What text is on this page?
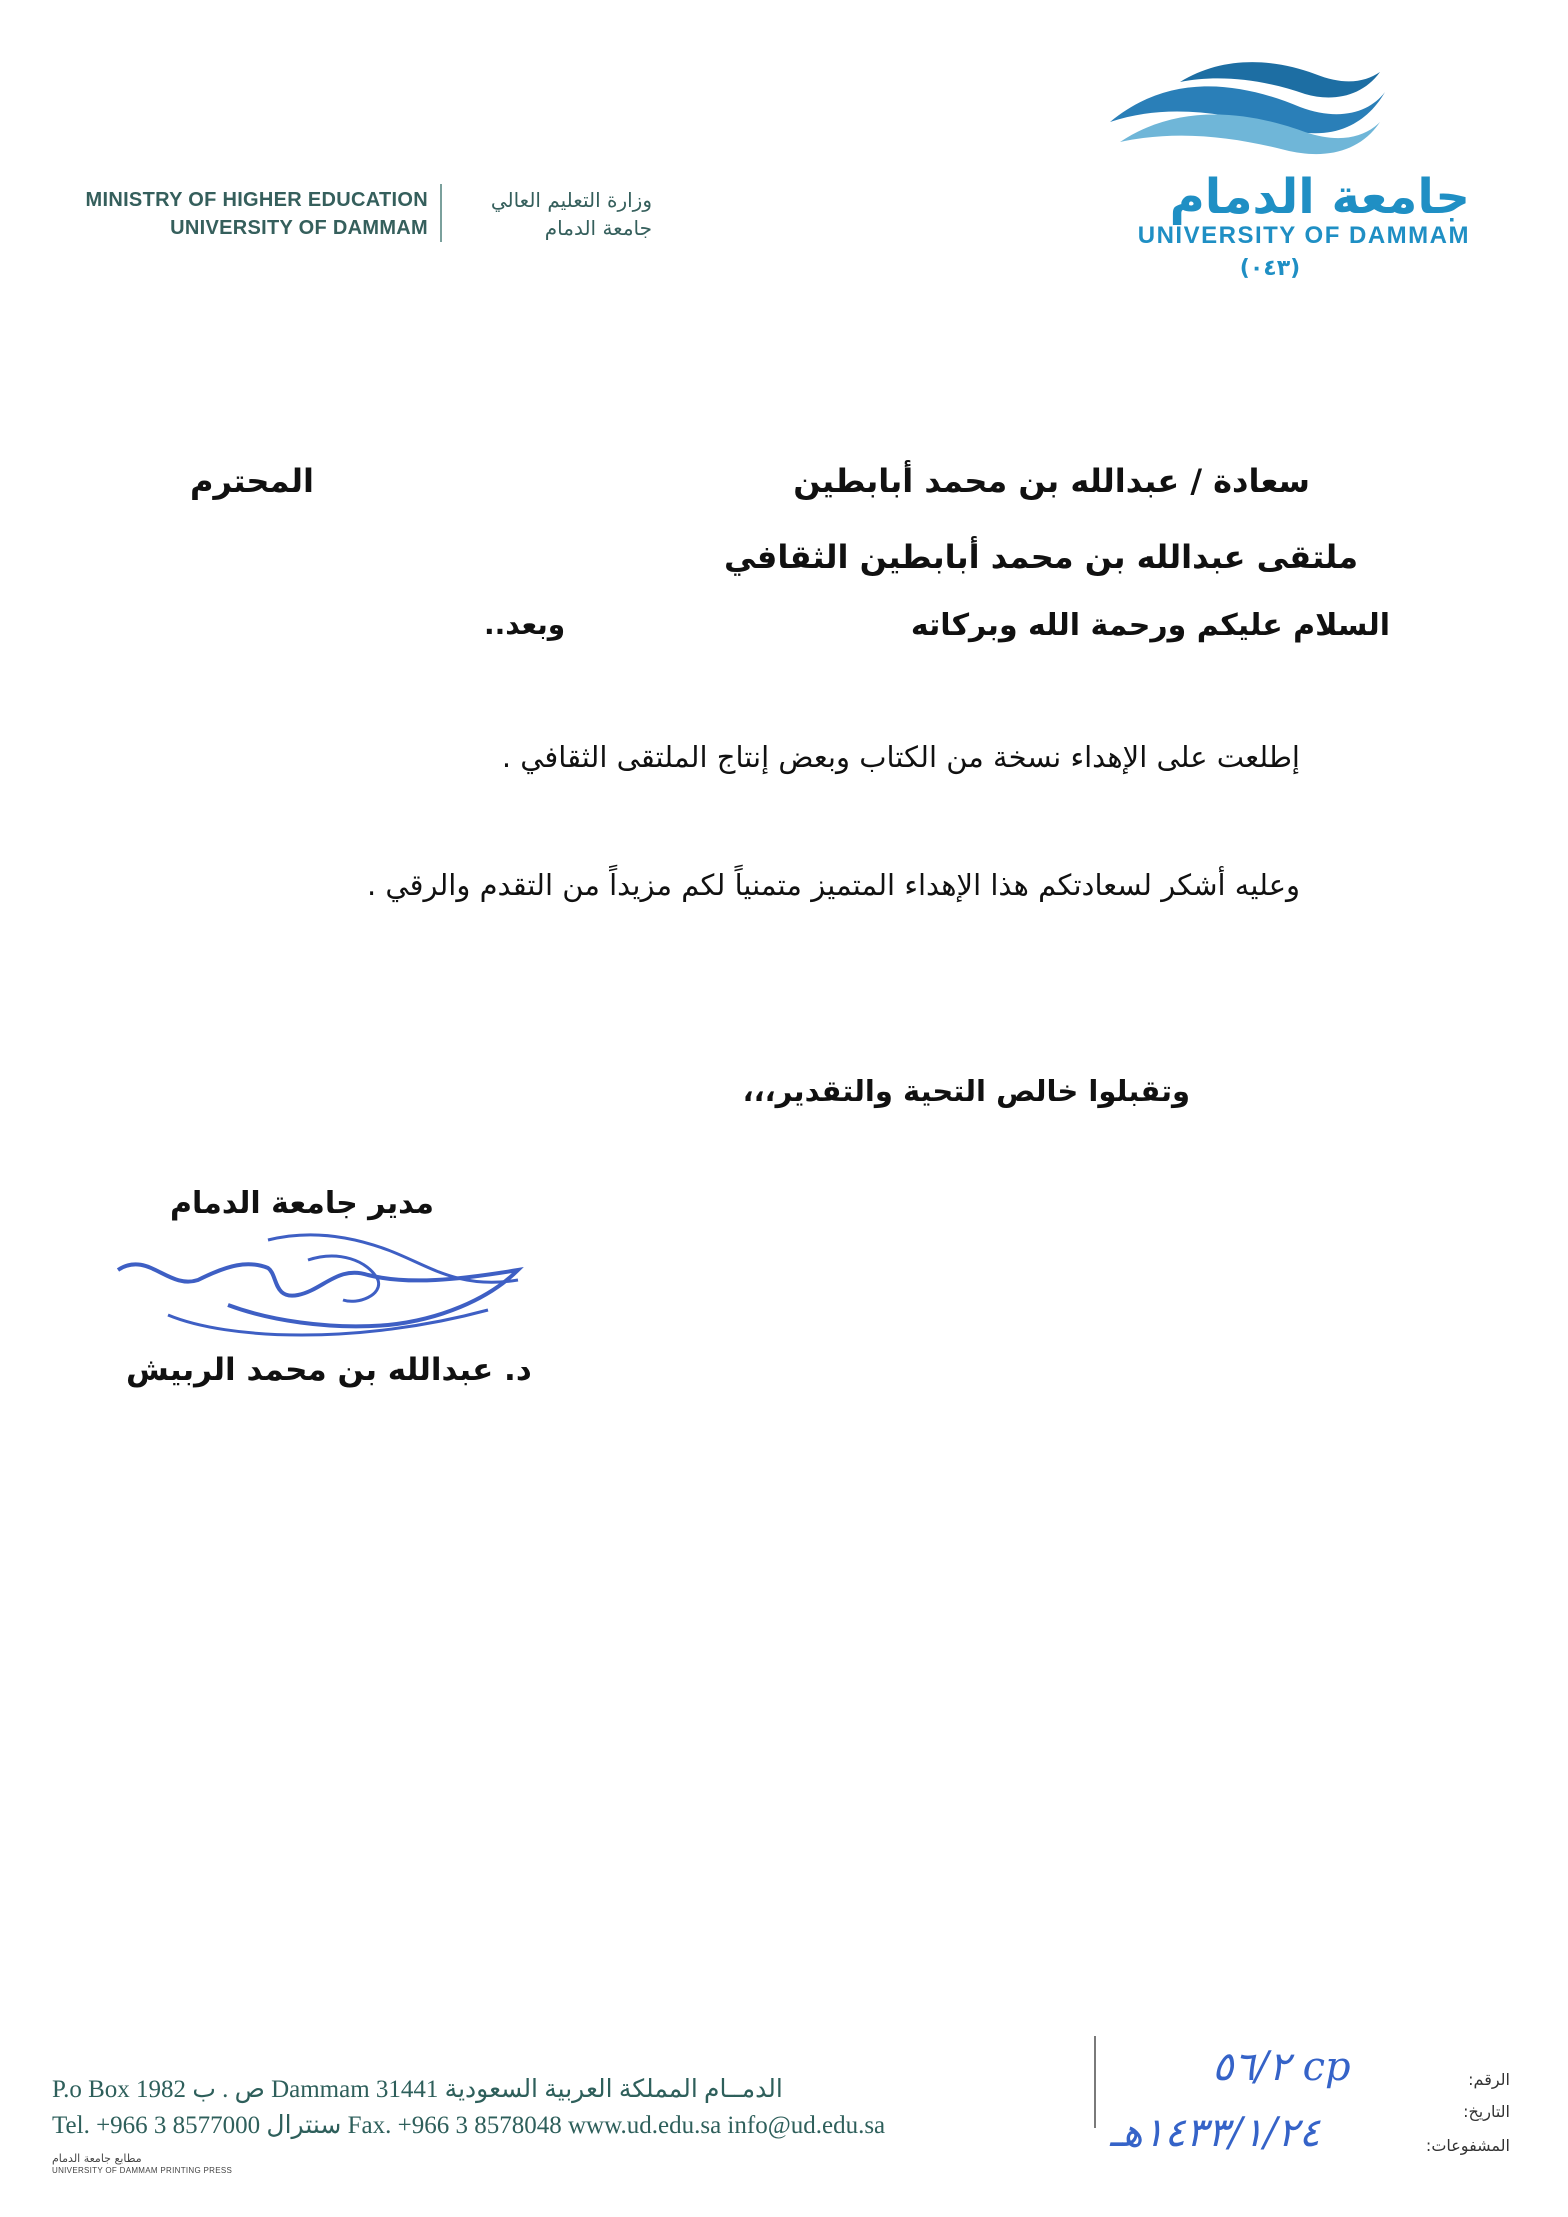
MINISTRY OF HIGHER EDUCATION
UNIVERSITY OF DAMMAM
وزارة التعليم العالي
جامعة الدمام
جامعة الدمام
UNIVERSITY OF DAMMAM
(٠٤٣)
سعادة / عبدالله بن محمد أبابطين
المحترم
ملتقى عبدالله بن محمد أبابطين الثقافي
السلام عليكم ورحمة الله وبركاته
وبعد..
إطلعت على الإهداء نسخة من الكتاب وبعض إنتاج الملتقى الثقافي .
وعليه أشكر لسعادتكم هذا الإهداء المتميز متمنياً لكم مزيداً من التقدم والرقي .
وتقبلوا خالص التحية والتقدير،،،
مدير جامعة الدمام
د. عبدالله بن محمد الربيش
P.o Box 1982 ص . ب Dammam 31441 الدمــام المملكة العربية السعودية
Tel. +966 3 8577000 سنترال Fax. +966 3 8578048 www.ud.edu.sa info@ud.edu.sa
مطابع جامعة الدمام
UNIVERSITY OF DAMMAM PRINTING PRESS
الرقم:
التاريخ:
المشفوعات:
٥٦/٢ cp
١٤٣٣/١/٢٤هـ
